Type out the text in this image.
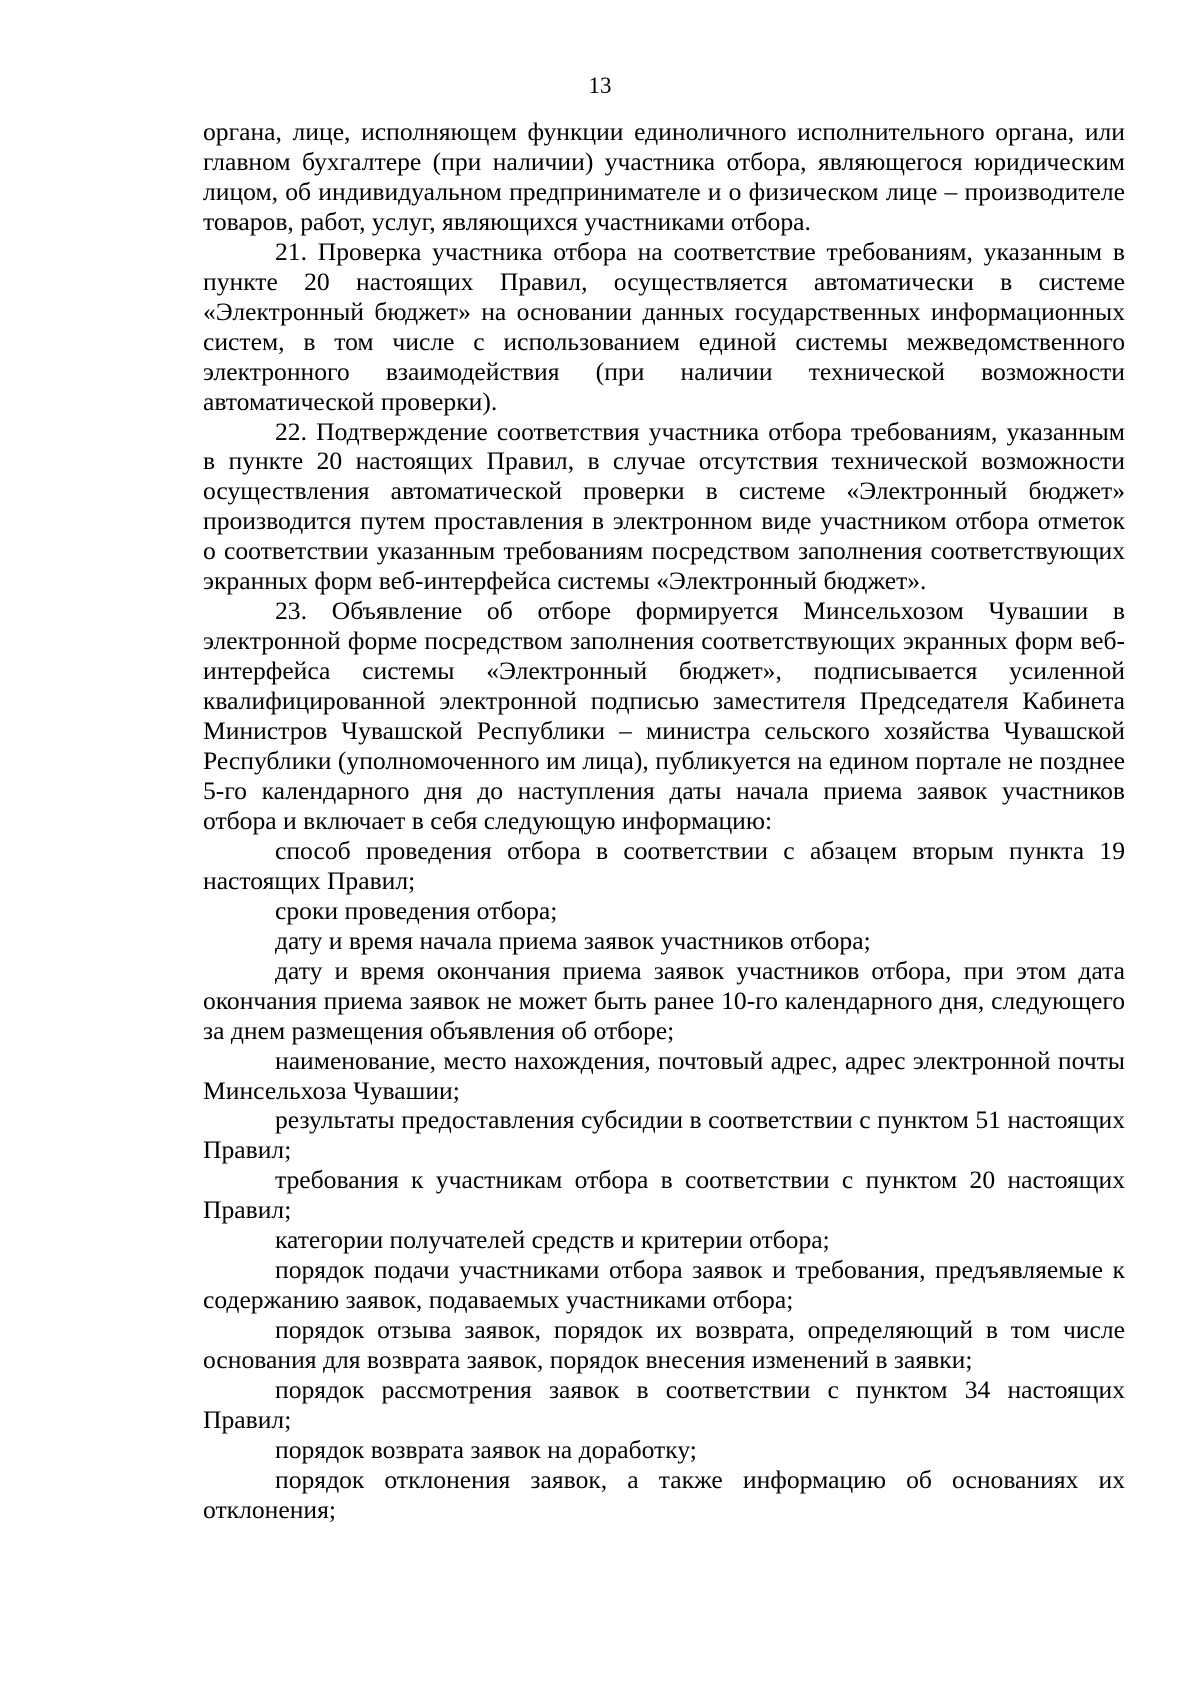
13

органа, лице, исполняющем функции единоличного исполнительного органа, или главном бухгалтере (при наличии) участника отбора, являющегося юридическим лицом, об индивидуальном предпринимателе и о физическом лице – производителе товаров, работ, услуг, являющихся участниками отбора.

21. Проверка участника отбора на соответствие требованиям, указанным в пункте 20 настоящих Правил, осуществляется автоматически в системе «Электронный бюджет» на основании данных государственных информационных систем, в том числе с использованием единой системы межведомственного электронного взаимодействия (при наличии технической возможности автоматической проверки).

22. Подтверждение соответствия участника отбора требованиям, указанным в пункте 20 настоящих Правил, в случае отсутствия технической возможности осуществления автоматической проверки в системе «Электронный бюджет» производится путем проставления в электронном виде участником отбора отметок о соответствии указанным требованиям посредством заполнения соответствующих экранных форм веб-интерфейса системы «Электронный бюджет».

23. Объявление об отборе формируется Минсельхозом Чувашии в электронной форме посредством заполнения соответствующих экранных форм веб-интерфейса системы «Электронный бюджет», подписывается усиленной квалифицированной электронной подписью заместителя Председателя Кабинета Министров Чувашской Республики – министра сельского хозяйства Чувашской Республики (уполномоченного им лица), публикуется на едином портале не позднее 5-го календарного дня до наступления даты начала приема заявок участников отбора и включает в себя следующую информацию:

способ проведения отбора в соответствии с абзацем вторым пункта 19 настоящих Правил;

сроки проведения отбора;

дату и время начала приема заявок участников отбора;

дату и время окончания приема заявок участников отбора, при этом дата окончания приема заявок не может быть ранее 10-го календарного дня, следующего за днем размещения объявления об отборе;

наименование, место нахождения, почтовый адрес, адрес электронной почты Минсельхоза Чувашии;

результаты предоставления субсидии в соответствии с пунктом 51 настоящих Правил;

требования к участникам отбора в соответствии с пунктом 20 настоящих Правил;

категории получателей средств и критерии отбора;

порядок подачи участниками отбора заявок и требования, предъявляемые к содержанию заявок, подаваемых участниками отбора;

порядок отзыва заявок, порядок их возврата, определяющий в том числе основания для возврата заявок, порядок внесения изменений в заявки;

порядок рассмотрения заявок в соответствии с пунктом 34 настоящих Правил;

порядок возврата заявок на доработку;

порядок отклонения заявок, а также информацию об основаниях их отклонения;
